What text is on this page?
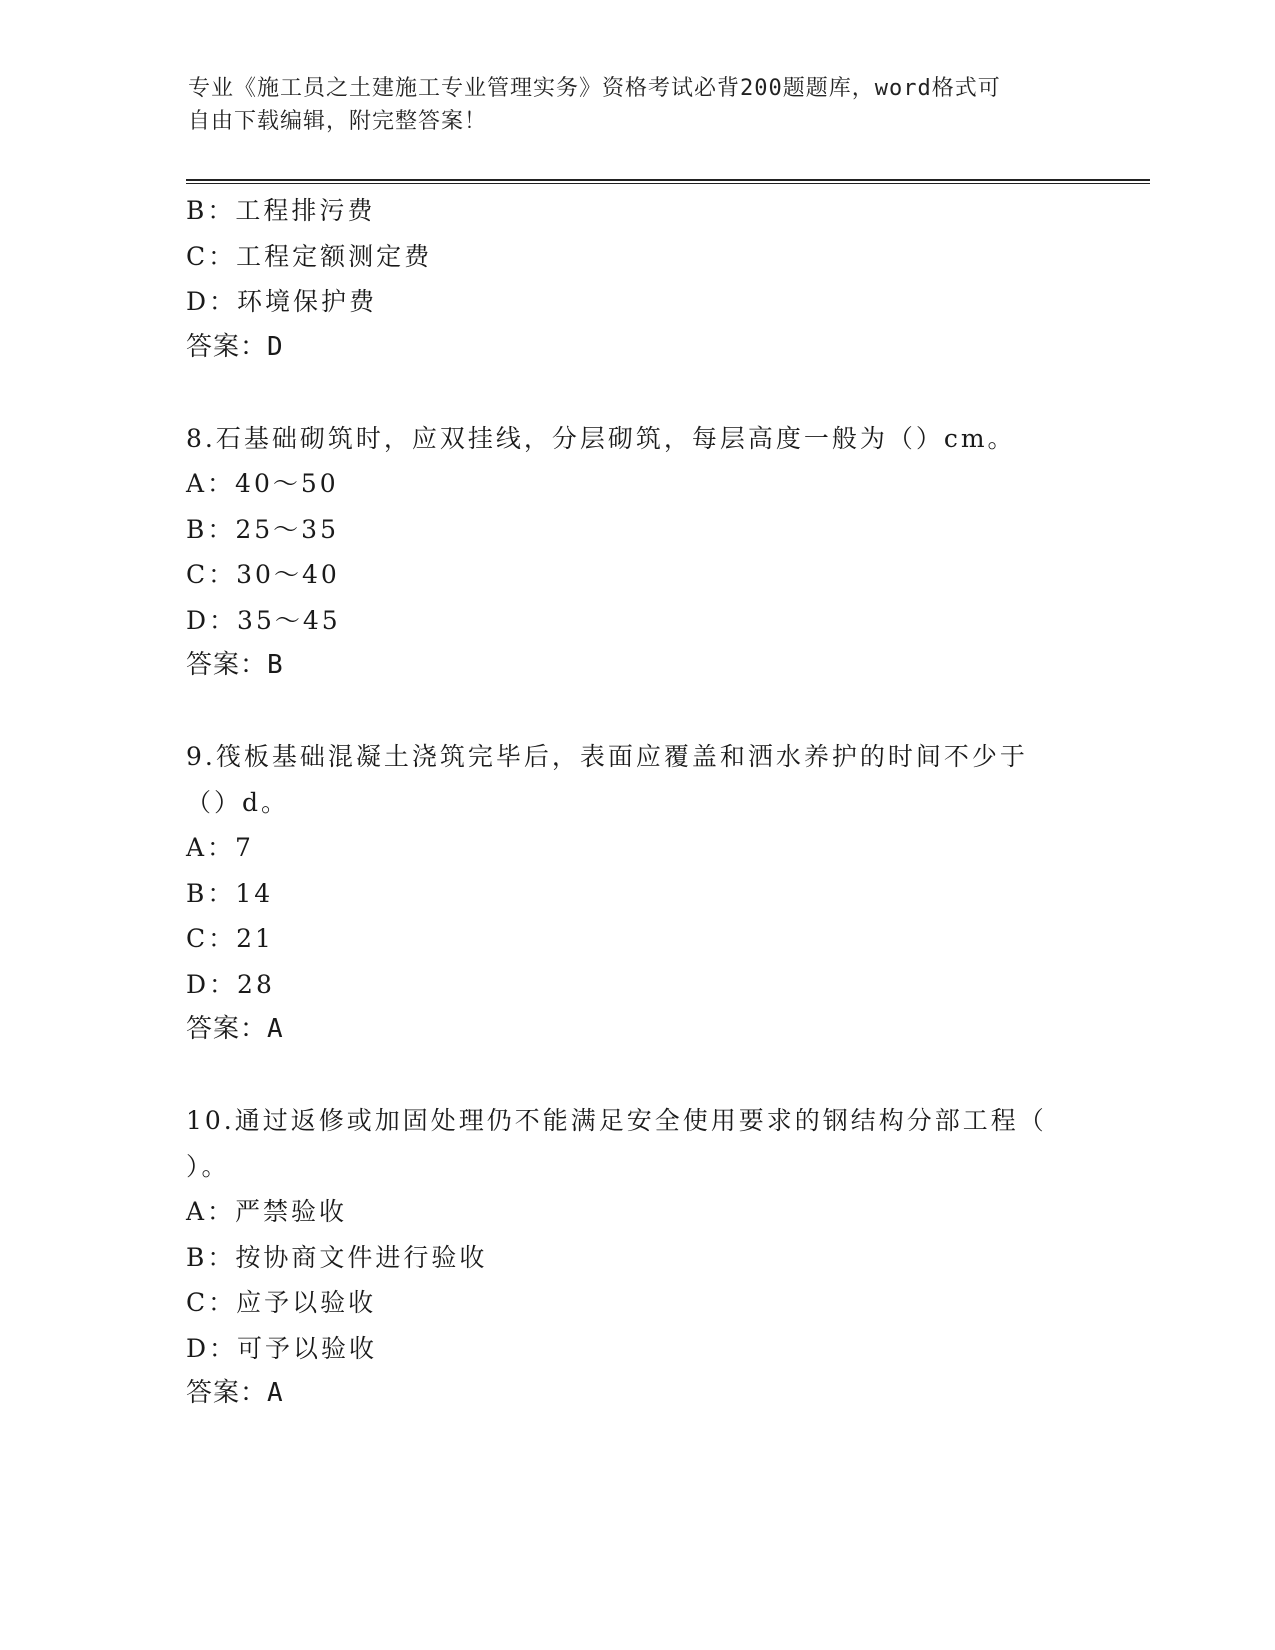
专业《施工员之土建施工专业管理实务》资格考试必背200题题库，word格式可
自由下载编辑，附完整答案！
B：工程排污费
C：工程定额测定费
D：环境保护费
答案：D
8.石基础砌筑时，应双挂线，分层砌筑，每层高度一般为（）cm。
A：40～50
B：25～35
C：30～40
D：35～45
答案：B
9.筏板基础混凝土浇筑完毕后，表面应覆盖和洒水养护的时间不少于
（）d。
A：7
B：14
C：21
D：28
答案：A
10.通过返修或加固处理仍不能满足安全使用要求的钢结构分部工程（
）。
A：严禁验收
B：按协商文件进行验收
C：应予以验收
D：可予以验收
答案：A
